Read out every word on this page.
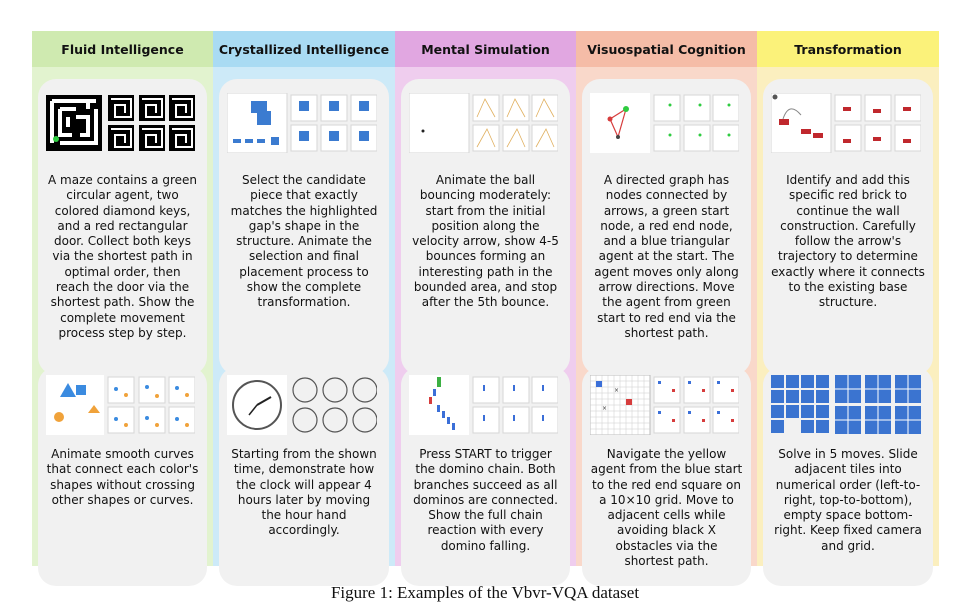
Fluid Intelligence
A maze contains a green circular agent, two colored diamond keys, and a red rectangular door. Collect both keys via the shortest path in optimal order, then reach the door via the shortest path. Show the complete movement process step by step.
Animate smooth curves that connect each color's shapes without crossing other shapes or curves.
Crystallized Intelligence
Select the candidate piece that exactly matches the highlighted gap's shape in the structure. Animate the selection and final placement process to show the complete transformation.
Starting from the shown time, demonstrate how the clock will appear 4 hours later by moving the hour hand accordingly.
Mental Simulation
Animate the ball bouncing moderately: start from the initial position along the velocity arrow, show 4-5 bounces forming an interesting path in the bounded area, and stop after the 5th bounce.
Press START to trigger the domino chain. Both branches succeed as all dominos are connected. Show the full chain reaction with every domino falling.
Visuospatial Cognition
A directed graph has nodes connected by arrows, a green start node, a red end node, and a blue triangular agent at the start. The agent moves only along arrow directions. Move the agent from green start to red end via the shortest path.
×
×
Navigate the yellow agent from the blue start to the red end square on a 10×10 grid. Move to adjacent cells while avoiding black X obstacles via the shortest path.
Transformation
Identify and add this specific red brick to continue the wall construction. Carefully follow the arrow's trajectory to determine exactly where it connects to the existing base structure.
Solve in 5 moves. Slide adjacent tiles into numerical order (left-to-right, top-to-bottom), empty space bottom-right. Keep fixed camera and grid.
Figure 1: Examples of the Vbvr-VQA dataset
